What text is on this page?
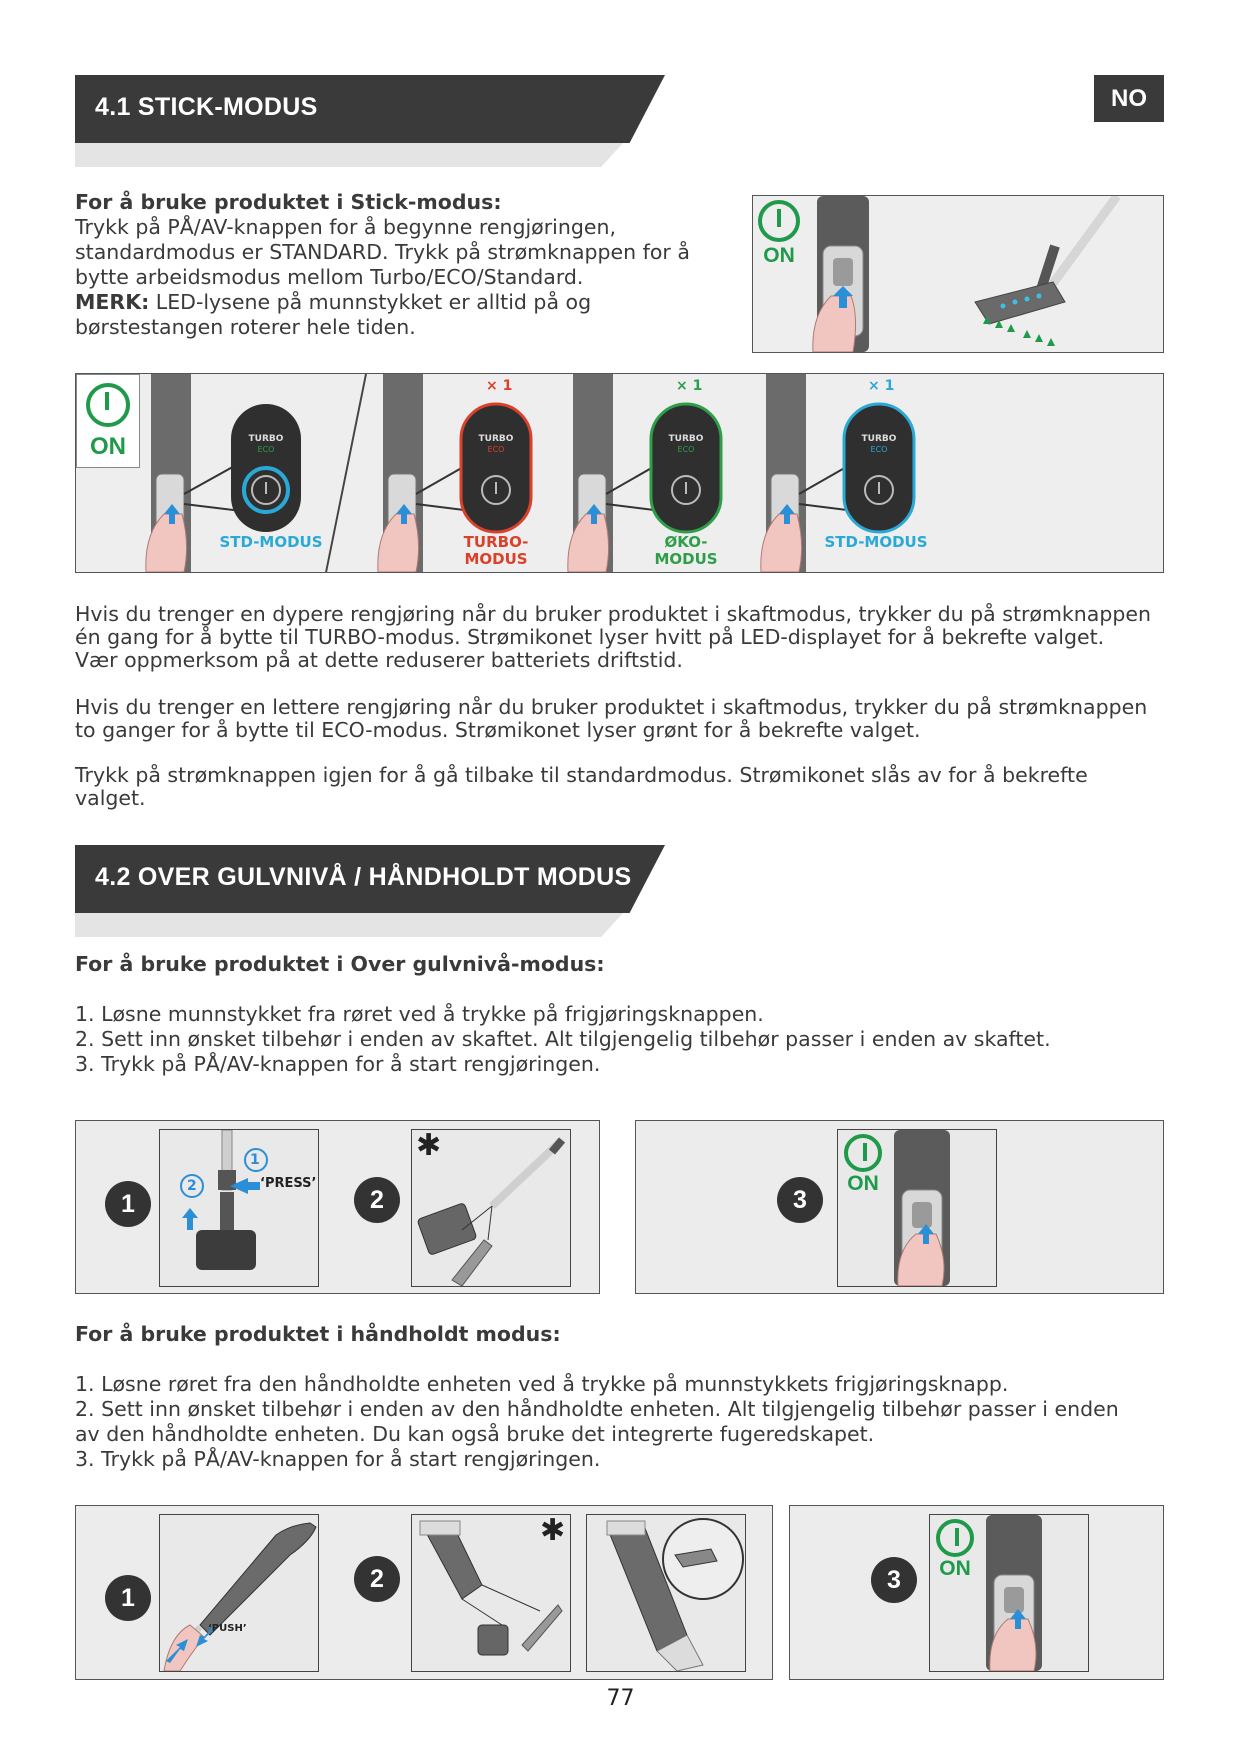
NO
4.1 STICK-MODUS
For å bruke produktet i Stick-modus:
Trykk på PÅ/AV-knappen for å begynne rengjøringen,
standardmodus er STANDARD. Trykk på strømknappen for å
bytte arbeidsmodus mellom Turbo/ECO/Standard.
MERK: LED-lysene på munnstykket er alltid på og
børstestangen roterer hele tiden.
ON
ON	TURBO
ECO
TURBO
ECO
TURBO
ECO
TURBO
ECO
× 1	× 1	× 1
STD-MODUS	TURBO-
MODUS
ØKO-
MODUS
STD-MODUS
Hvis du trenger en dypere rengjøring når du bruker produktet i skaftmodus, trykker du på strømknappen
én gang for å bytte til TURBO-modus. Strømikonet lyser hvitt på LED-displayet for å bekrefte valget.
Vær oppmerksom på at dette reduserer batteriets driftstid.
Hvis du trenger en lettere rengjøring når du bruker produktet i skaftmodus, trykker du på strømknappen
to ganger for å bytte til ECO-modus. Strømikonet lyser grønt for å bekrefte valget.
Trykk på strømknappen igjen for å gå tilbake til standardmodus. Strømikonet slås av for å bekrefte
valget.
4.2 OVER GULVNIVÅ / HÅNDHOLDT MODUS
For å bruke produktet i Over gulvnivå-modus:
1. Løsne munnstykket fra røret ved å trykke på frigjøringsknappen.
2. Sett inn ønsket tilbehør i enden av skaftet. Alt tilgjengelig tilbehør passer i enden av skaftet.
3. Trykk på PÅ/AV-knappen for å start rengjøringen.
1
1
2	‘PRESS’
2
✱
3
ON
For å bruke produktet i håndholdt modus:
1. Løsne røret fra den håndholdte enheten ved å trykke på munnstykkets frigjøringsknapp.
2. Sett inn ønsket tilbehør i enden av den håndholdte enheten. Alt tilgjengelig tilbehør passer i enden
av den håndholdte enheten. Du kan også bruke det integrerte fugeredskapet.
3. Trykk på PÅ/AV-knappen for å start rengjøringen.
1
‘PUSH’
2
✱
3	ON
77
